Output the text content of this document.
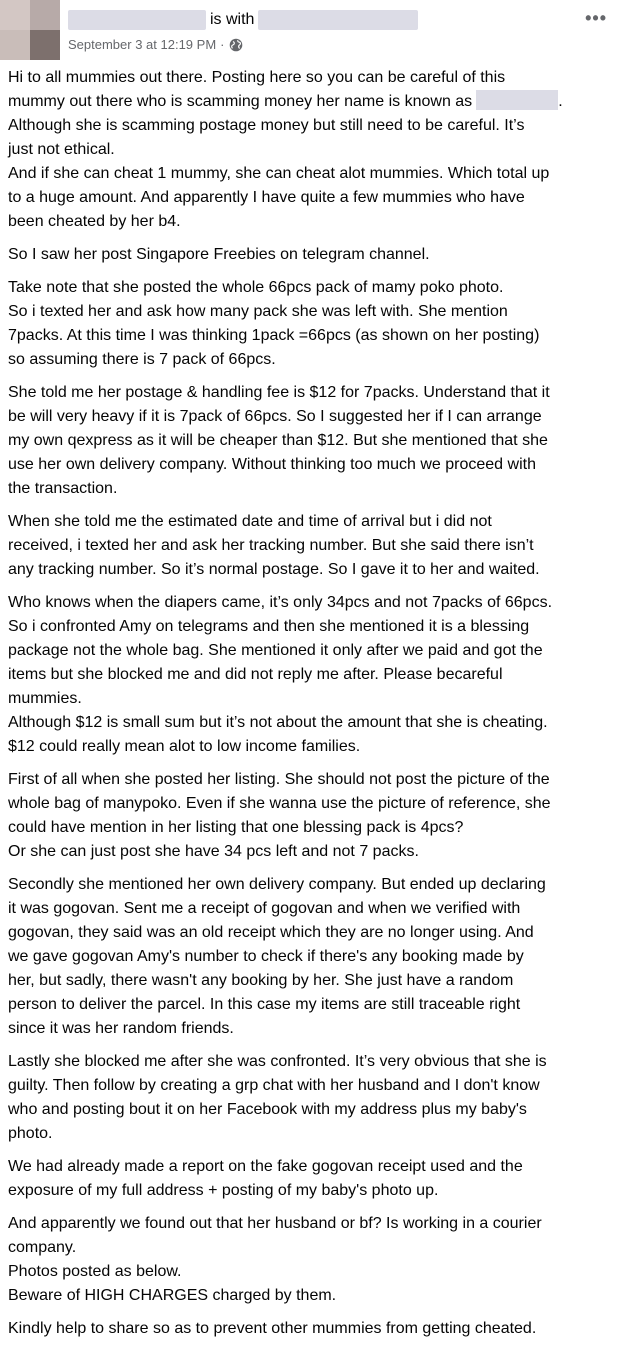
is with
September 3 at 12:19 PM ·
•••

Hi to all mummies out there. Posting here so you can be careful of this
mummy out there who is scamming money her name is known as	.
Although she is scamming postage money but still need to be careful. It’s
just not ethical.
And if she can cheat 1 mummy, she can cheat alot mummies. Which total up
to a huge amount. And apparently I have quite a few mummies who have
been cheated by her b4.

So I saw her post Singapore Freebies on telegram channel.

Take note that she posted the whole 66pcs pack of mamy poko photo.
So i texted her and ask how many pack she was left with. She mention
7packs. At this time I was thinking 1pack =66pcs (as shown on her posting)
so assuming there is 7 pack of 66pcs.

She told me her postage & handling fee is $12 for 7packs. Understand that it
be will very heavy if it is 7pack of 66pcs. So I suggested her if I can arrange
my own qexpress as it will be cheaper than $12. But she mentioned that she
use her own delivery company. Without thinking too much we proceed with
the transaction.

When she told me the estimated date and time of arrival but i did not
received, i texted her and ask her tracking number. But she said there isn’t
any tracking number. So it’s normal postage. So I gave it to her and waited.

Who knows when the diapers came, it’s only 34pcs and not 7packs of 66pcs.
So i confronted Amy on telegrams and then she mentioned it is a blessing
package not the whole bag. She mentioned it only after we paid and got the
items but she blocked me and did not reply me after. Please becareful
mummies.
Although $12 is small sum but it’s not about the amount that she is cheating.
$12 could really mean alot to low income families.

First of all when she posted her listing. She should not post the picture of the
whole bag of manypoko. Even if she wanna use the picture of reference, she
could have mention in her listing that one blessing pack is 4pcs?
Or she can just post she have 34 pcs left and not 7 packs.

Secondly she mentioned her own delivery company. But ended up declaring
it was gogovan. Sent me a receipt of gogovan and when we verified with
gogovan, they said was an old receipt which they are no longer using. And
we gave gogovan Amy's number to check if there's any booking made by
her, but sadly, there wasn't any booking by her. She just have a random
person to deliver the parcel. In this case my items are still traceable right
since it was her random friends.

Lastly she blocked me after she was confronted. It’s very obvious that she is
guilty. Then follow by creating a grp chat with her husband and I don't know
who and posting bout it on her Facebook with my address plus my baby's
photo.

We had already made a report on the fake gogovan receipt used and the
exposure of my full address + posting of my baby's photo up.

And apparently we found out that her husband or bf? Is working in a courier
company.
Photos posted as below.
Beware of HIGH CHARGES charged by them.

Kindly help to share so as to prevent other mummies from getting cheated.
